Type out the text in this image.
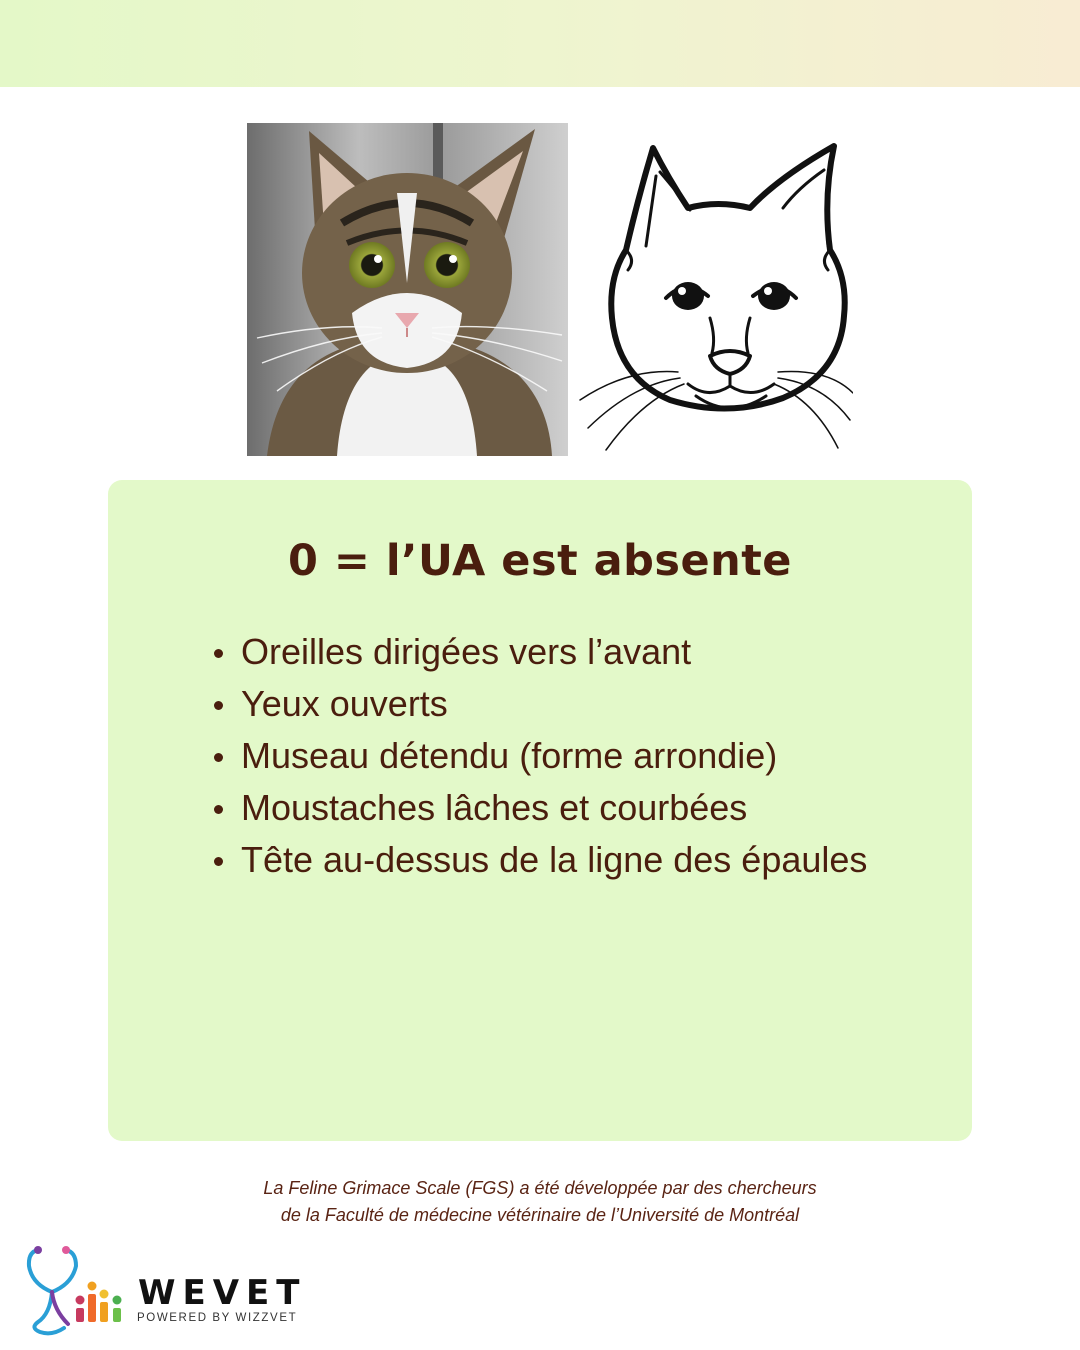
0 = l’UA est absente
Oreilles dirigées vers l’avant
Yeux ouverts
Museau détendu (forme arrondie)
Moustaches lâches et courbées
Tête au-dessus de la ligne des épaules
La Feline Grimace Scale (FGS) a été développée par des chercheurs
de la Faculté de médecine vétérinaire de l’Université de Montréal
WEVET
POWERED BY WIZZVET
